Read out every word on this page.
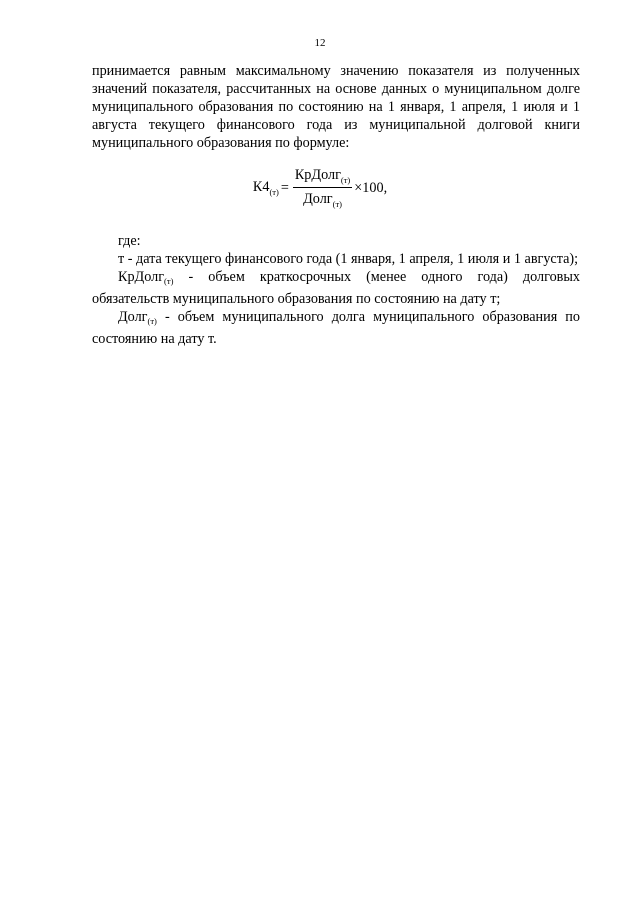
12
принимается равным максимальному значению показателя из полученных значений показателя, рассчитанных на основе данных о муниципальном долге муниципального образования по состоянию на 1 января, 1 апреля, 1 июля и 1 августа текущего финансового года из муниципальной долговой книги муниципального образования по формуле:
$К4_{(т)} = \frac{КрДолг_{(т)}}{Долг_{(т)}} \times 100$,

где:

т - дата текущего финансового года (1 января, 1 апреля, 1 июля и 1 августа);

КрДолг$_{(т)}$ - объем краткосрочных (менее одного года) долговых обязательств муниципального образования по состоянию на дату т;

Долг$_{(т)}$ - объем муниципального долга муниципального образования по состоянию на дату т.
